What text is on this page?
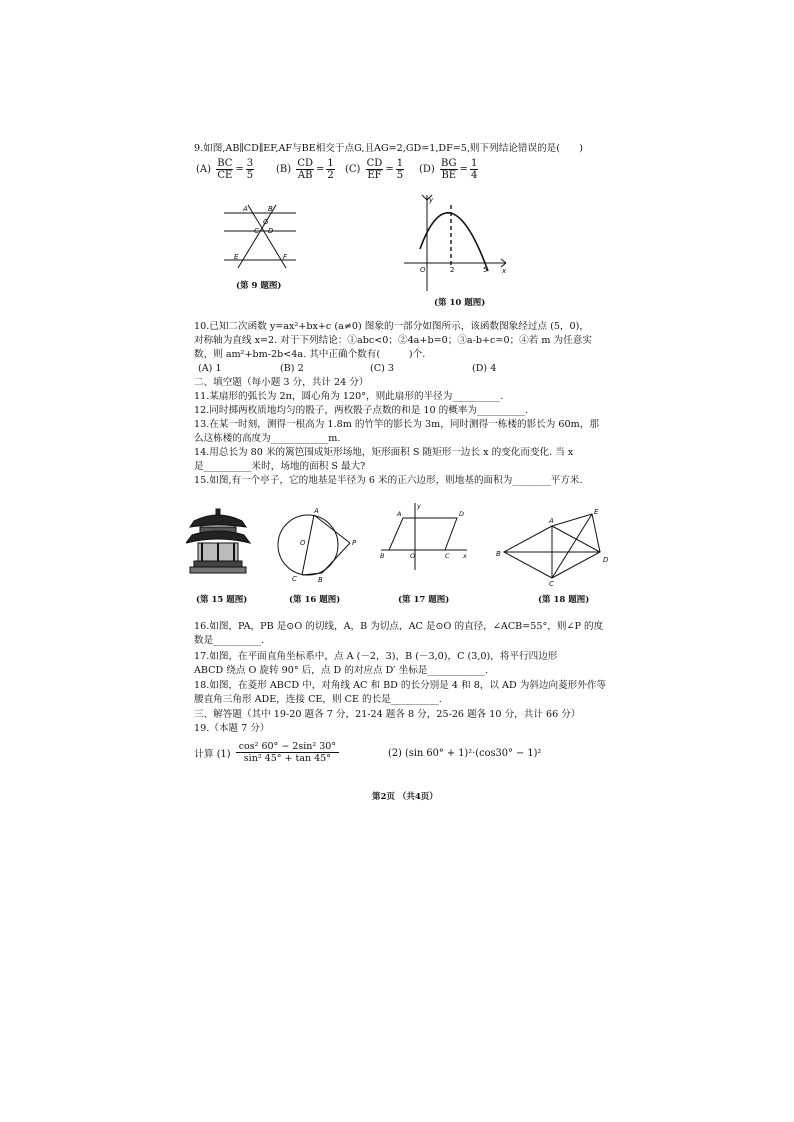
9.如图,AB∥CD∥EF,AF与BE相交于点G,且AG=2,GD=1,DF=5,则下列结论错误的是(　　)
$(A) \frac{BC}{CE} = \frac{3}{5} (B) \frac{CD}{AB} = \frac{1}{2} (C) \frac{CD}{EF} = \frac{1}{5} (D) \frac{BG}{BE} = \frac{1}{4}$
A	B
C D
G
E	F
(第 9 题图)
y
x
O	2	5
(第 10 题图)
10.已知二次函数 y=ax²+bx+c (a≠0) 图象的一部分如图所示，该函数图象经过点 (5，0)，
对称轴为直线 x=2. 对于下列结论：①abc<0；②4a+b=0；③a-b+c=0；④若 m 为任意实
数，则 am²+bm-2b<4a. 其中正确个数有(　　　)个.
(A) 1	(B) 2	(C) 3	(D) 4
二、填空题（每小题 3 分，共计 24 分）
11.某扇形的弧长为 2π，圆心角为 120°，则此扇形的半径为__________.
12.同时掷两枚质地均匀的骰子，两枚骰子点数的和是 10 的概率为__________.
13.在某一时刻，测得一根高为 1.8m 的竹竿的影长为 3m，同时测得一栋楼的影长为 60m，那
么这栋楼的高度为____________m.
14.用总长为 80 米的篱笆围成矩形场地，矩形面积 S 随矩形一边长 x 的变化而变化. 当 x
是__________米时，场地的面积 S 最大?
15.如图,有一个亭子，它的地基是半径为 6 米的正六边形，则地基的面积为________平方米.
(第 15 题图)
A
O	P
B
C
(第 16 题图)
y
A	D
B	O	C x
(第 17 题图)
A
E
B
D
C
(第 18 题图)
16.如图，PA，PB 是⊙O 的切线，A，B 为切点，AC 是⊙O 的直径，∠ACB=55°，则∠P 的度
数是__________.
17.如图，在平面直角坐标系中，点 A (－2，3)，B (－3,0)，C (3,0)，将平行四边形
ABCD 绕点 O 旋转 90° 后，点 D 的对应点 D′ 坐标是____________.
18.如图，在菱形 ABCD 中，对角线 AC 和 BD 的长分别是 4 和 8，以 AD 为斜边向菱形外作等
腰直角三角形 ADE，连接 CE，则 CE 的长是__________.
三、解答题（其中 19-20 题各 7 分，21-24 题各 8 分，25-26 题各 10 分，共计 66 分）
19.（本题 7 分）
计算 $(1) \frac{\text{cos² 60° − 2sin² 30°}}{\text{sin² 45° + tan 45°}}$	(2) (sin 60° + 1)²·(cos30° − 1)²
第2页 （共4页）
